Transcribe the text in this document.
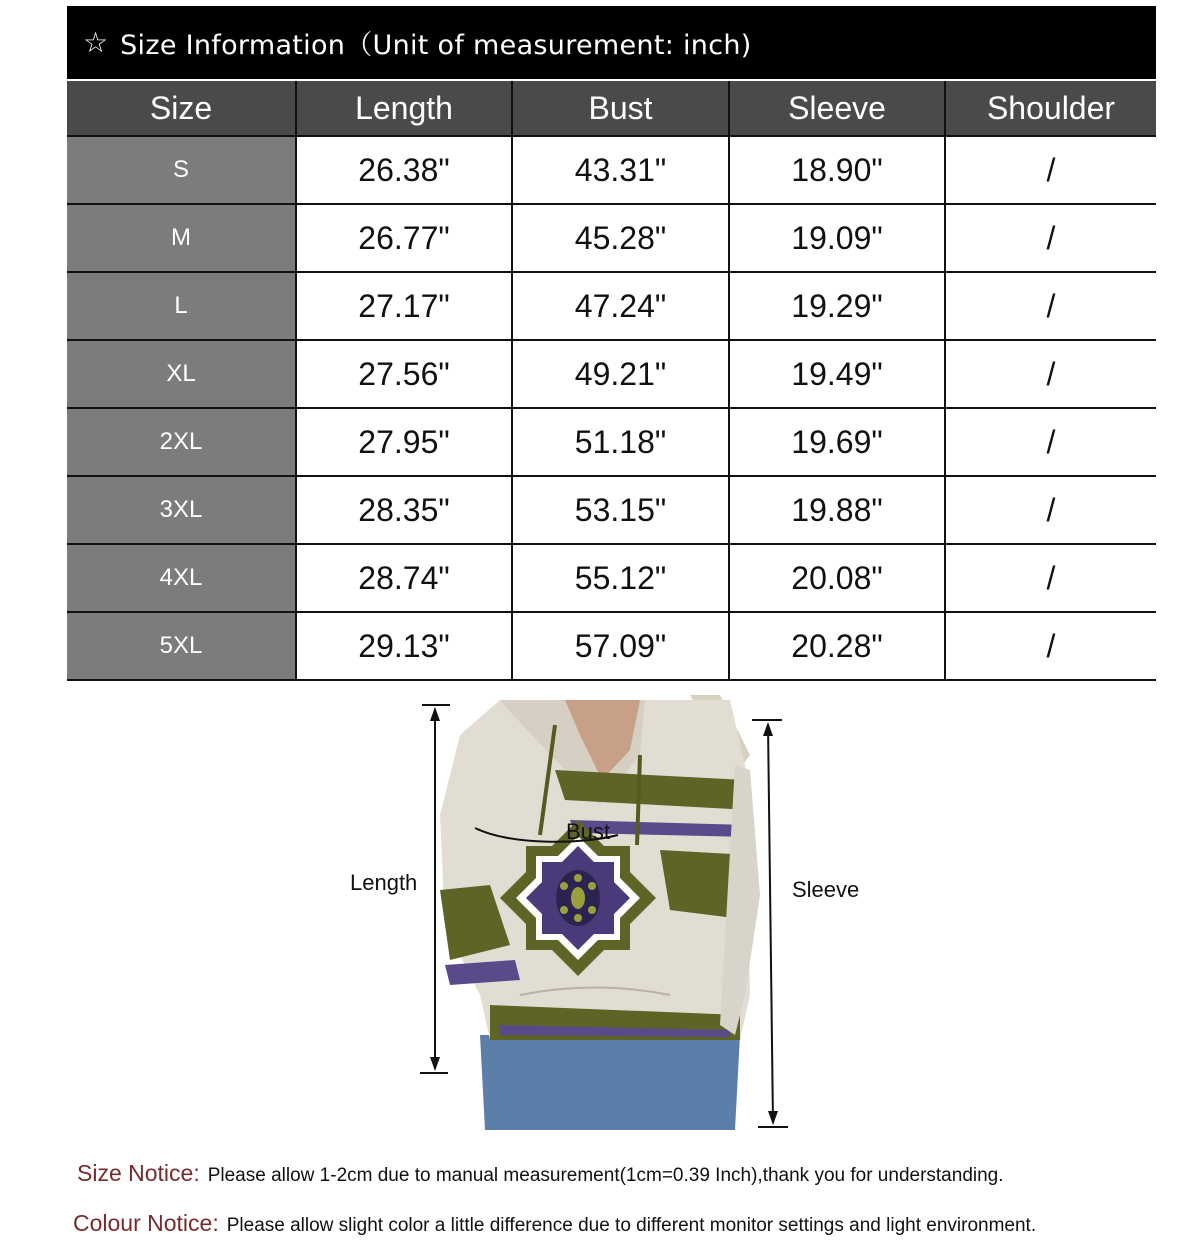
☆ Size Information（Unit of measurement: inch)
Size	Length	Bust	Sleeve	Shoulder
S	26.38"	43.31"	18.90"	/
M	26.77"	45.28"	19.09"	/
L	27.17"	47.24"	19.29"	/
XL	27.56"	49.21"	19.49"	/
2XL	27.95"	51.18"	19.69"	/
3XL	28.35"	53.15"	19.88"	/
4XL	28.74"	55.12"	20.08"	/
5XL	29.13"	57.09"	20.28"	/
Length
Bust
Sleeve
Size Notice: Please allow 1-2cm due to manual measurement(1cm=0.39 Inch),thank you for understanding.
Colour Notice: Please allow slight color a little difference due to different monitor settings and light environment.
